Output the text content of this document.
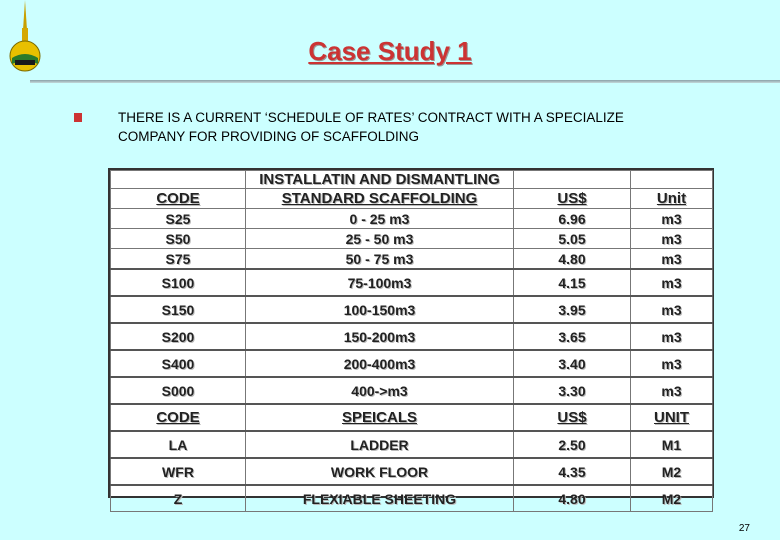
Case Study 1
THERE IS A CURRENT ‘SCHEDULE OF RATES’ CONTRACT WITH A SPECIALIZE
COMPANY FOR PROVIDING OF SCAFFOLDING
	INSTALLATIN AND DISMANTLING		
CODE	STANDARD SCAFFOLDING	US$	Unit
S25	0 - 25 m3	6.96	m3
S50	25 - 50 m3	5.05	m3
S75	50 - 75 m3	4.80	m3
S100	75-100m3	4.15	m3
S150	100-150m3	3.95	m3
S200	150-200m3	3.65	m3
S400	200-400m3	3.40	m3
S000	400->m3	3.30	m3
CODE	SPEICALS	US$	UNIT
LA	LADDER	2.50	M1
WFR	WORK FLOOR	4.35	M2
Z	FLEXIABLE SHEETING	4.80	M2
27
